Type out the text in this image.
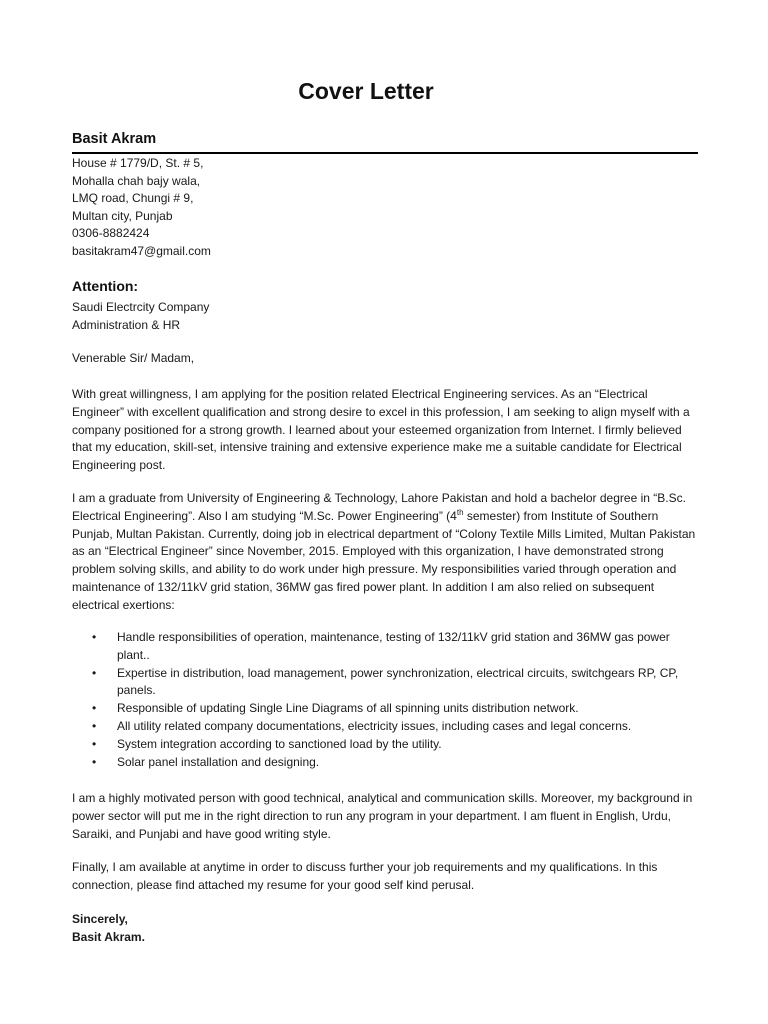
Cover Letter
Basit Akram
House # 1779/D, St. # 5,
Mohalla chah bajy wala,
LMQ road, Chungi # 9,
Multan city, Punjab
0306-8882424
basitakram47@gmail.com
Attention:
Saudi Electrcity Company
Administration & HR
Venerable Sir/ Madam,
With great willingness, I am applying for the position related Electrical Engineering services. As an “Electrical Engineer” with excellent qualification and strong desire to excel in this profession, I am seeking to align myself with a company positioned for a strong growth. I learned about your esteemed organization from Internet. I firmly believed that my education, skill-set, intensive training and extensive experience make me a suitable candidate for Electrical Engineering post.
I am a graduate from University of Engineering & Technology, Lahore Pakistan and hold a bachelor degree in “B.Sc. Electrical Engineering”. Also I am studying “M.Sc. Power Engineering” (4th semester) from Institute of Southern Punjab, Multan Pakistan. Currently, doing job in electrical department of “Colony Textile Mills Limited, Multan Pakistan as an “Electrical Engineer” since November, 2015. Employed with this organization, I have demonstrated strong problem solving skills, and ability to do work under high pressure. My responsibilities varied through operation and maintenance of 132/11kV grid station, 36MW gas fired power plant. In addition I am also relied on subsequent electrical exertions:
• Handle responsibilities of operation, maintenance, testing of 132/11kV grid station and 36MW gas power plant..
• Expertise in distribution, load management, power synchronization, electrical circuits, switchgears RP, CP, panels.
• Responsible of updating Single Line Diagrams of all spinning units distribution network.
• All utility related company documentations, electricity issues, including cases and legal concerns.
• System integration according to sanctioned load by the utility.
• Solar panel installation and designing.
I am a highly motivated person with good technical, analytical and communication skills. Moreover, my background in power sector will put me in the right direction to run any program in your department. I am fluent in English, Urdu, Saraiki, and Punjabi and have good writing style.
Finally, I am available at anytime in order to discuss further your job requirements and my qualifications. In this connection, please find attached my resume for your good self kind perusal.
Sincerely,
Basit Akram.
